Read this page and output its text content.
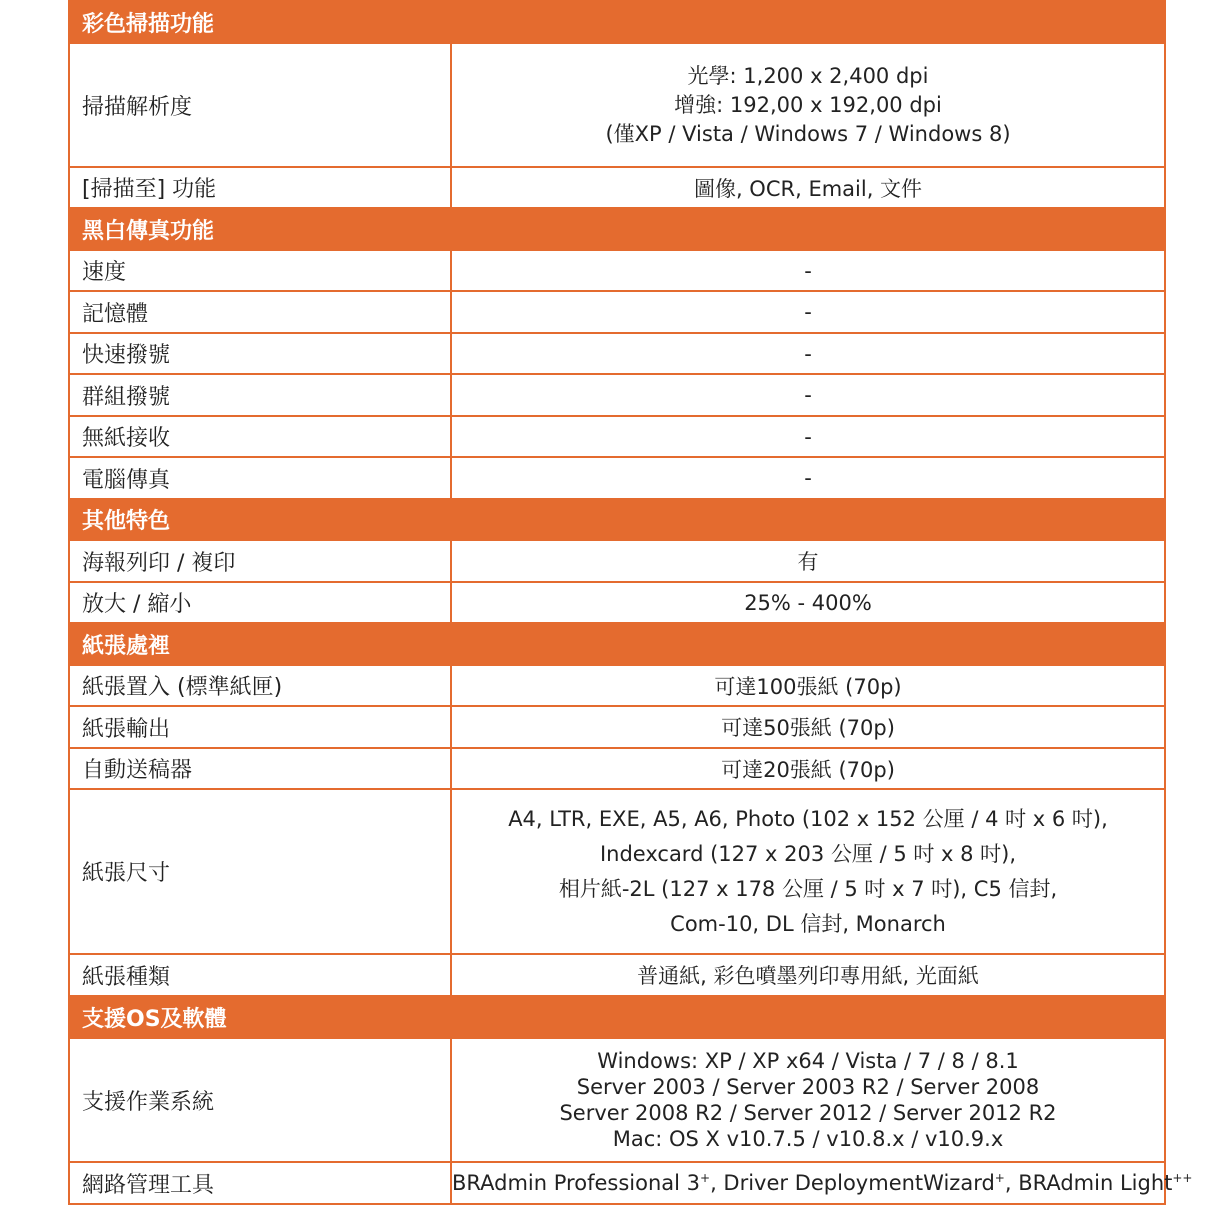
彩色掃描功能	
掃描解析度	光學: 1,200 x 2,400 dpi
增強: 192,00 x 192,00 dpi
(僅XP / Vista / Windows 7 / Windows 8)

[掃描至] 功能	圖像, OCR, Email, 文件
黑白傳真功能	
速度	-
記憶體	-
快速撥號	-
群組撥號	-
無紙接收	-
電腦傳真	-
其他特色	
海報列印 / 複印	有
放大 / 縮小	25% - 400%
紙張處裡	
紙張置入 (標準紙匣)	可達100張紙 (70p)
紙張輸出	可達50張紙 (70p)
自動送稿器	可達20張紙 (70p)
紙張尺寸	A4, LTR, EXE, A5, A6, Photo (102 x 152 公厘 / 4 吋 x 6 吋),
Indexcard (127 x 203 公厘 / 5 吋 x 8 吋),
相片紙-2L (127 x 178 公厘 / 5 吋 x 7 吋), C5 信封,
Com-10, DL 信封, Monarch

紙張種類	普通紙, 彩色噴墨列印專用紙, 光面紙
支援OS及軟體	
支援作業系統	Windows: XP / XP x64 / Vista / 7 / 8 / 8.1
Server 2003 / Server 2003 R2 / Server 2008
Server 2008 R2 / Server 2012 / Server 2012 R2
Mac: OS X v10.7.5 / v10.8.x / v10.9.x

網路管理工具	BRAdmin Professional 3+, Driver DeploymentWizard+, BRAdmin Light++
